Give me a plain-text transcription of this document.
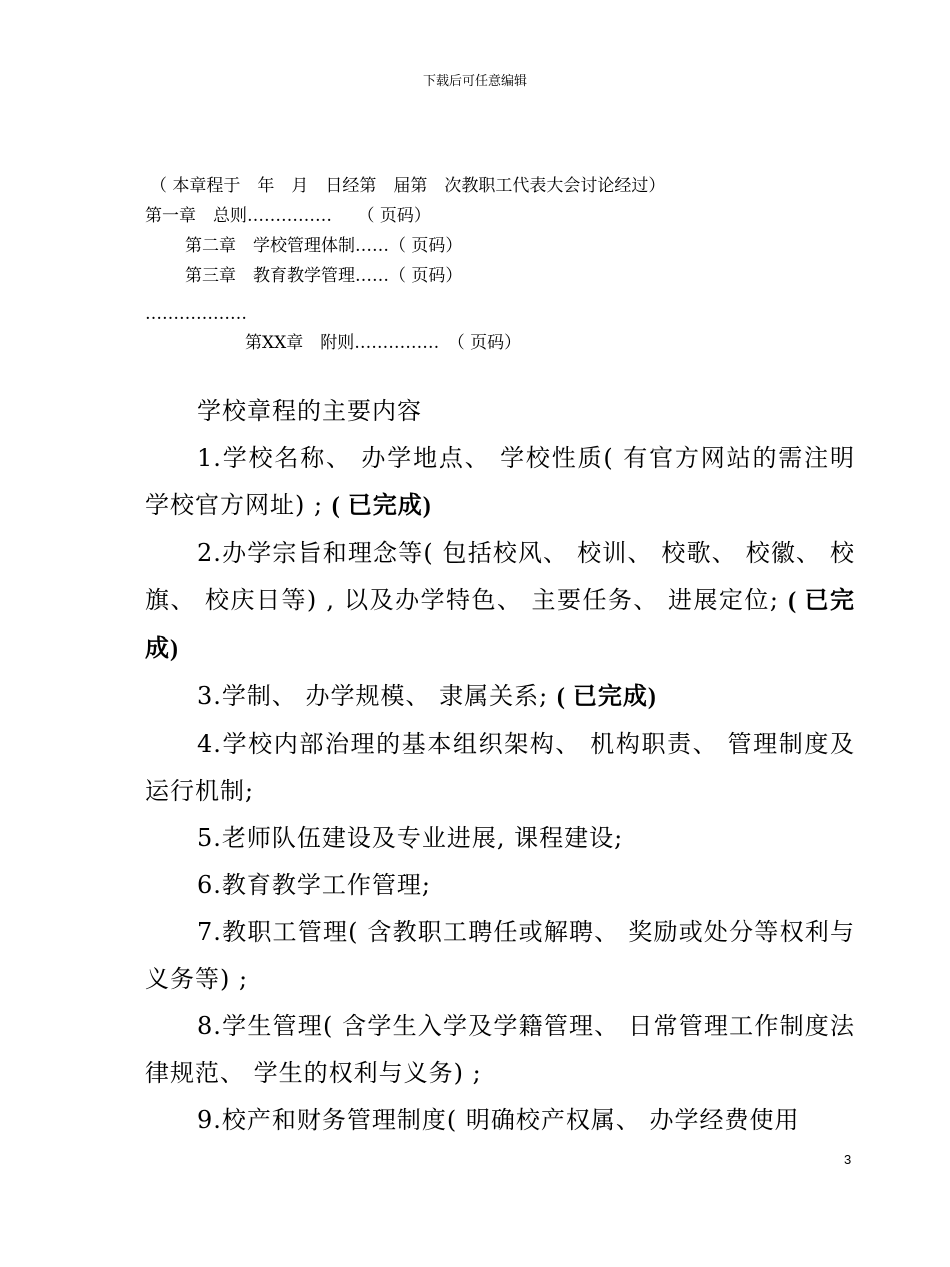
下载后可任意编辑
（ 本章程于　年　月　日经第　届第　次教职工代表大会讨论经过）
第一章　总则……………　　（ 页码）
第二章　学校管理体制……（ 页码）
第三章　教育教学管理……（ 页码）
………………
第XX章　附则……………　（ 页码）

学校章程的主要内容

1.学校名称、 办学地点、 学校性质( 有官方网站的需注明学校官方网址) ; ( 已完成)

2.办学宗旨和理念等( 包括校风、 校训、 校歌、 校徽、 校旗、 校庆日等) , 以及办学特色、 主要任务、 进展定位; ( 已完成)

3.学制、 办学规模、 隶属关系; ( 已完成)

4.学校内部治理的基本组织架构、 机构职责、 管理制度及运行机制;

5.老师队伍建设及专业进展, 课程建设;

6.教育教学工作管理;

7.教职工管理( 含教职工聘任或解聘、 奖励或处分等权利与义务等) ;

8.学生管理( 含学生入学及学籍管理、 日常管理工作制度法律规范、 学生的权利与义务) ;

9.校产和财务管理制度( 明确校产权属、 办学经费使用

3
